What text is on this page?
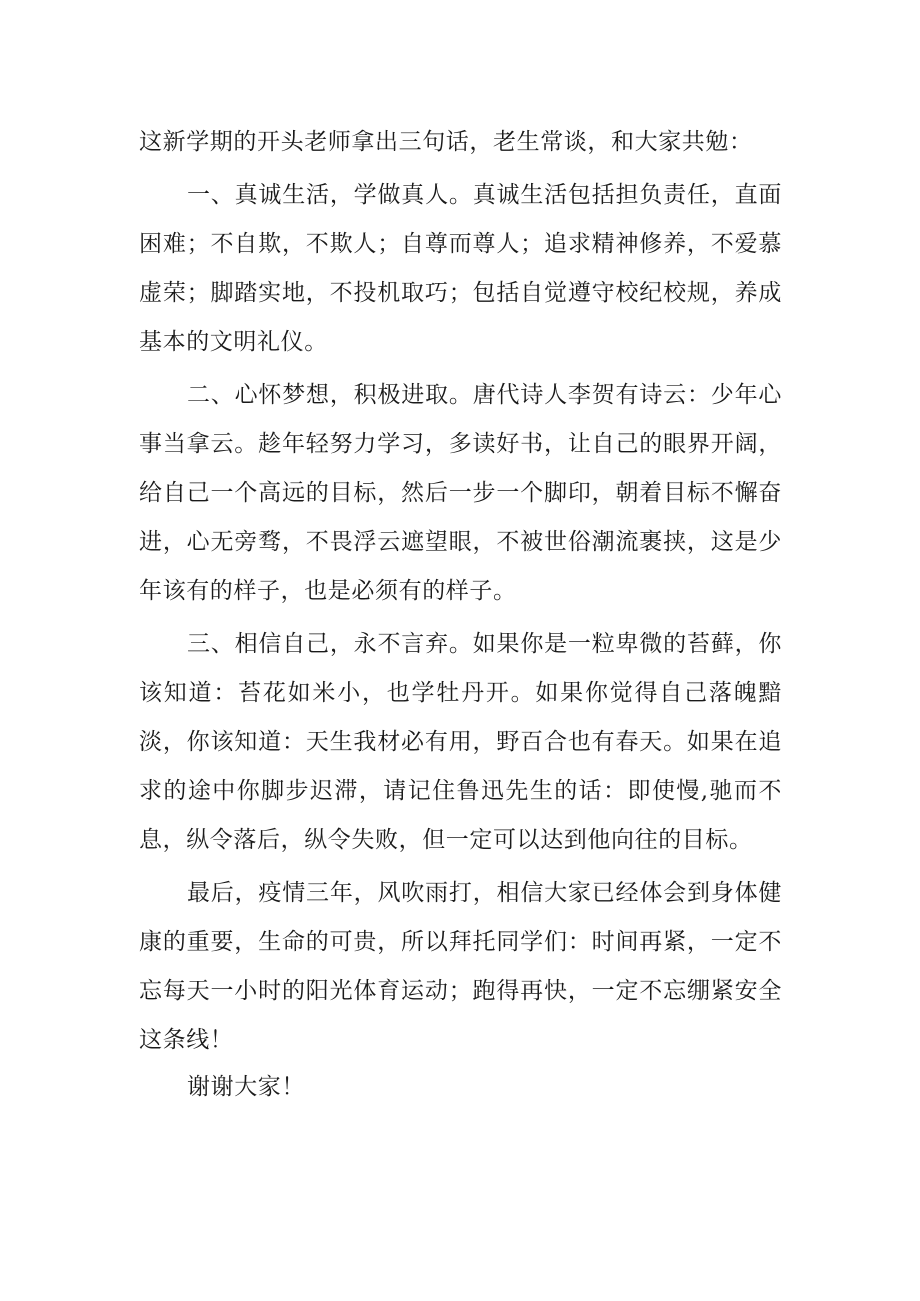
这新学期的开头老师拿出三句话，老生常谈，和大家共勉：

一、真诚生活，学做真人。真诚生活包括担负责任，直面困难；不自欺，不欺人；自尊而尊人；追求精神修养，不爱慕虚荣；脚踏实地，不投机取巧；包括自觉遵守校纪校规，养成基本的文明礼仪。

二、心怀梦想，积极进取。唐代诗人李贺有诗云：少年心事当拿云。趁年轻努力学习，多读好书，让自己的眼界开阔，给自己一个高远的目标，然后一步一个脚印，朝着目标不懈奋进，心无旁骛，不畏浮云遮望眼，不被世俗潮流裹挟，这是少年该有的样子，也是必须有的样子。

三、相信自己，永不言弃。如果你是一粒卑微的苔藓，你该知道：苔花如米小，也学牡丹开。如果你觉得自己落魄黯淡，你该知道：天生我材必有用，野百合也有春天。如果在追求的途中你脚步迟滞，请记住鲁迅先生的话：即使慢,驰而不息，纵令落后，纵令失败，但一定可以达到他向往的目标。

最后，疫情三年，风吹雨打，相信大家已经体会到身体健康的重要，生命的可贵，所以拜托同学们：时间再紧，一定不忘每天一小时的阳光体育运动；跑得再快，一定不忘绷紧安全这条线！

谢谢大家！
